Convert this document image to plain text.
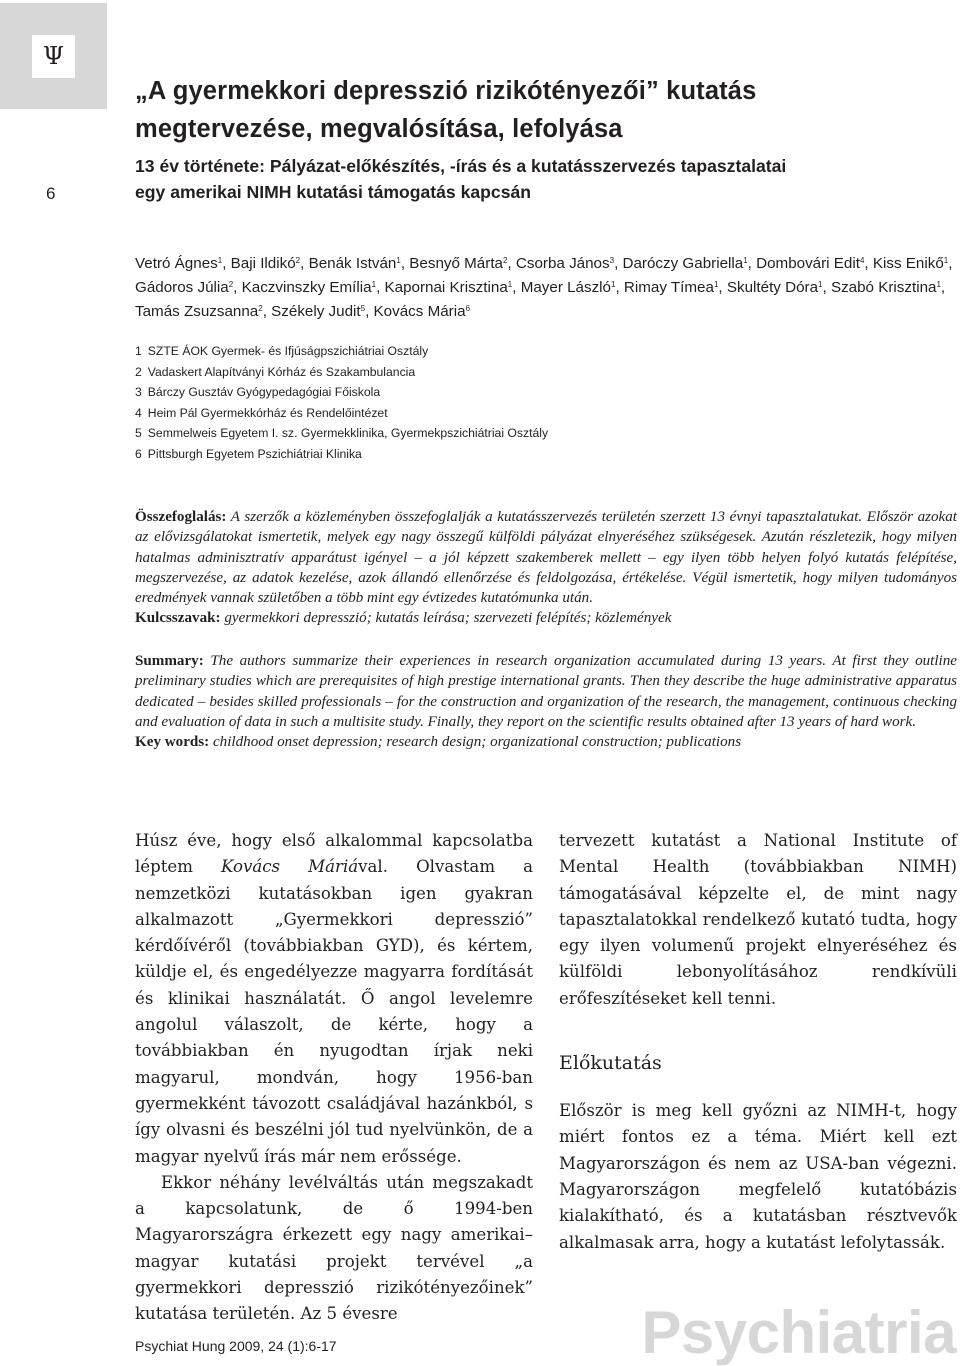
Ψ
6
„A gyermekkori depresszió rizikótényezői” kutatás
megtervezése, megvalósítása, lefolyása
13 év története: Pályázat-előkészítés, -írás és a kutatásszervezés tapasztalatai
egy amerikai NIMH kutatási támogatás kapcsán
Vetró Ágnes$^1$, Baji Ildikó$^2$, Benák István$^1$, Besnyő Márta$^2$, Csorba János$^3$, Daróczy Gabriella$^1$, Dombovári Edit$^4$, Kiss Enikő$^1$, Gádoros Júlia$^2$, Kaczvinszky Emília$^1$, Kapornai Krisztina$^1$, Mayer László$^1$, Rimay Tímea$^1$, Skultéty Dóra$^1$, Szabó Krisztina$^1$, Tamás Zsuzsanna$^2$, Székely Judit$^5$, Kovács Mária$^6$
1 SZTE ÁOK Gyermek- és Ifjúságpszichiátriai Osztály
2 Vadaskert Alapítványi Kórház és Szakambulancia
3 Bárczy Gusztáv Gyógypedagógiai Főiskola
4 Heim Pál Gyermekkórház és Rendelőintézet
5 Semmelweis Egyetem I. sz. Gyermekklinika, Gyermekpszichiátriai Osztály
6 Pittsburgh Egyetem Pszichiátriai Klinika

Összefoglalás: A szerzők a közleményben összefoglalják a kutatásszervezés területén szerzett 13 évnyi tapasztalatukat. Először azokat az elővizsgálatokat ismertetik, melyek egy nagy összegű külföldi pályázat elnyeréséhez szükségesek. Azután részletezik, hogy milyen hatalmas adminisztratív apparátust igényel – a jól képzett szakemberek mellett – egy ilyen több helyen folyó kutatás felépítése, megszervezése, az adatok kezelése, azok állandó ellenőrzése és feldolgozása, értékelése. Végül ismertetik, hogy milyen tudományos eredmények vannak születőben a több mint egy évtizedes kutatómunka után.

Kulcsszavak: gyermekkori depresszió; kutatás leírása; szervezeti felépítés; közlemények

Summary: The authors summarize their experiences in research organization accumulated during 13 years. At first they outline preliminary studies which are prerequisites of high prestige international grants. Then they describe the huge administrative apparatus dedicated – besides skilled professionals – for the construction and organization of the research, the management, continuous checking and evaluation of data in such a multisite study. Finally, they report on the scientific results obtained after 13 years of hard work.

Key words: childhood onset depression; research design; organizational construction; publications

Húsz éve, hogy első alkalommal kapcsolatba léptem Kovács Máriával. Olvastam a nemzetközi kutatásokban igen gyakran alkalmazott „Gyermekkori depresszió” kérdőívéről (továbbiakban GYD), és kértem, küldje el, és engedélyezze magyarra fordítását és klinikai használatát. Ő angol levelemre angolul válaszolt, de kérte, hogy a továbbiakban én nyugodtan írjak neki magyarul, mondván, hogy 1956-ban gyermekként távozott családjával hazánkból, s így olvasni és beszélni jól tud nyelvünkön, de a magyar nyelvű írás már nem erőssége.

Ekkor néhány levélváltás után megszakadt a kapcsolatunk, de ő 1994-ben Magyarországra érkezett egy nagy amerikai–magyar kutatási projekt tervével „a gyermekkori depresszió rizikótényezőinek” kutatása területén. Az 5 évesre

tervezett kutatást a National Institute of Mental Health (továbbiakban NIMH) támogatásával képzelte el, de mint nagy tapasztalatokkal rendelkező kutató tudta, hogy egy ilyen volumenű projekt elnyeréséhez és külföldi lebonyolításához rendkívüli erőfeszítéseket kell tenni.

Előkutatás

Először is meg kell győzni az NIMH-t, hogy miért fontos ez a téma. Miért kell ezt Magyarországon és nem az USA-ban végezni. Magyarországon megfelelő kutatóbázis kialakítható, és a kutatásban résztvevők alkalmasak arra, hogy a kutatást lefolytassák.

Psychiat Hung 2009, 24 (1):6-17	Psychiatria
